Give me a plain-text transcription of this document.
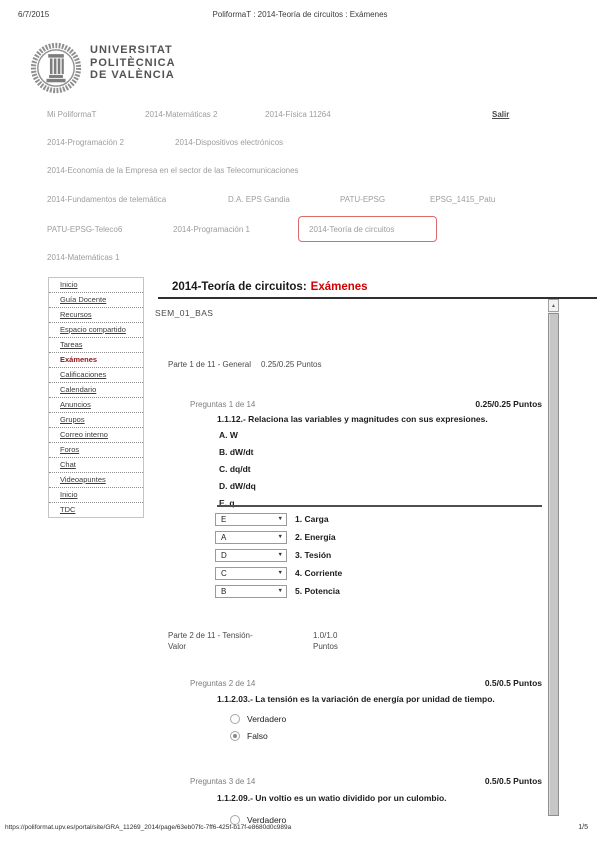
6/7/2015	PoliformaT : 2014-Teoría de circuitos : Exámenes
UNIVERSITAT
POLITÈCNICA
DE VALÈNCIA
Mi PoliformaT	2014-Matemáticas 2	2014-Física 11264	Salir
2014-Programación 2	2014-Dispositivos electrónicos
2014-Economía de la Empresa en el sector de las Telecomunicaciones
2014-Fundamentos de telemática	D.A. EPS Gandia	PATU-EPSG	EPSG_1415_Patu
PATU-EPSG-Teleco6	2014-Programación 1	2014-Teoría de circuitos
2014-Matemáticas 1
Inicio
Guía Docente
Recursos
Espacio compartido
Tareas
Exámenes
Calificaciones
Calendario
Anuncios
Grupos
Correo interno
Foros
Chat
Videoapuntes
Inicio
TDC
2014-Teoría de circuitos: Exámenes
SEM_01_BAS
Parte 1 de 11 - General 0.25/0.25 Puntos
Preguntas 1 de 14	0.25/0.25 Puntos
1.1.12.- Relaciona las variables y magnitudes con sus expresiones.
A. W
B. dW/dt
C. dq/dt
D. dW/dq
E. q
E	▼ 1. Carga
A	▼ 2. Energía
D	▼ 3. Tesión
C	▼ 4. Corriente
B	▼ 5. Potencia
Parte 2 de 11 - Tensión-
Valor
1.0/1.0
Puntos
Preguntas 2 de 14	0.5/0.5 Puntos
1.1.2.03.- La tensión es la variación de energía por unidad de tiempo.
Verdadero
Falso
Preguntas 3 de 14	0.5/0.5 Puntos
1.1.2.09.- Un voltio es un watio dividido por un culombio.
Verdadero
▲
https://poliformat.upv.es/portal/site/GRA_11269_2014/page/63eb07fc-7ff6-425f-b17f-e8680d0c989a	1/5
